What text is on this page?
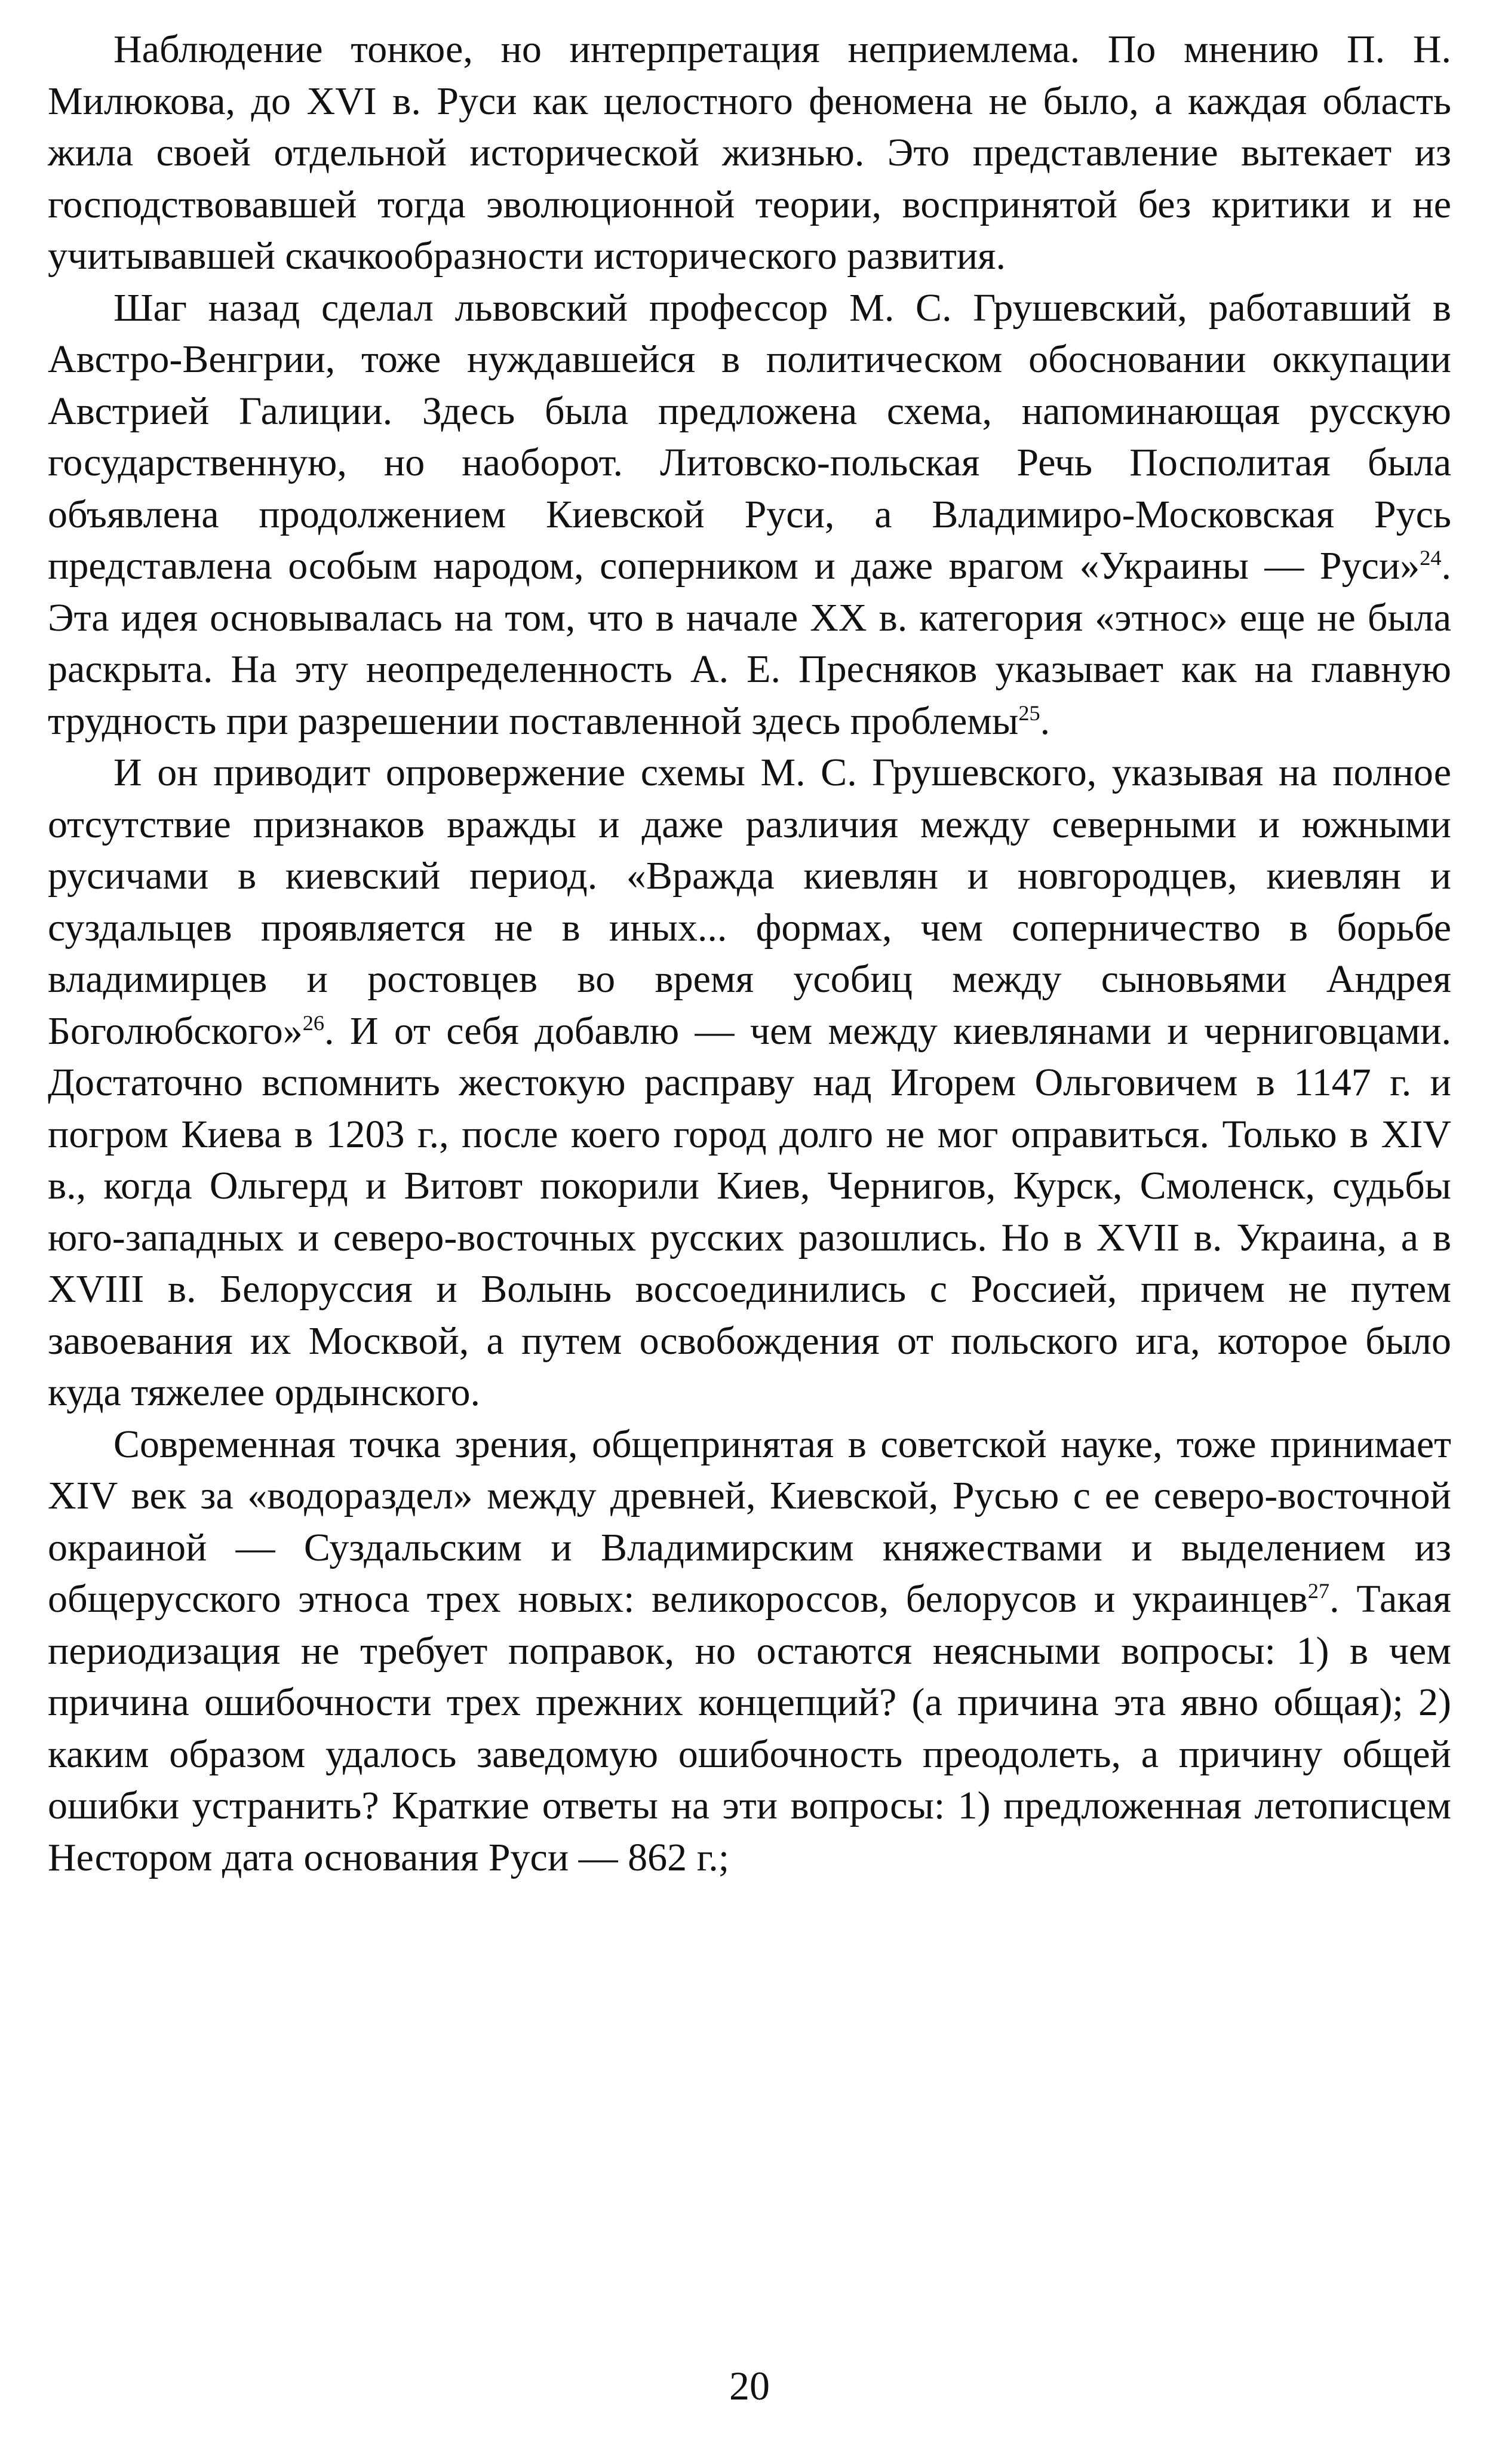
Наблюдение тонкое, но интерпретация неприемлема. По мнению П. Н. Милюкова, до XVI в. Руси как целостного феномена не было, а каждая область жила своей отдельной исторической жизнью. Это представление вытекает из господствовавшей тогда эволюционной теории, воспринятой без критики и не учитывавшей скачкообразности исторического развития.

Шаг назад сделал львовский профессор М. С. Грушевский, работавший в Австро-Венгрии, тоже нуждавшейся в политическом обосновании оккупации Австрией Галиции. Здесь была предложена схема, напоминающая русскую государственную, но наоборот. Литовско-польская Речь Посполитая была объявлена продолжением Киевской Руси, а Владимиро-Московская Русь представлена особым народом, соперником и даже врагом «Украины — Руси»$^{24}$. Эта идея основывалась на том, что в начале XX в. категория «этнос» еще не была раскрыта. На эту неопределенность А. Е. Пресняков указывает как на главную трудность при разрешении поставленной здесь проблемы$^{25}$.

И он приводит опровержение схемы М. С. Грушевского, указывая на полное отсутствие признаков вражды и даже различия между северными и южными русичами в киевский период. «Вражда киевлян и новгородцев, киевлян и суздальцев проявляется не в иных... формах, чем соперничество в борьбе владимирцев и ростовцев во время усобиц между сыновьями Андрея Боголюбского»$^{26}$. И от себя добавлю — чем между киевлянами и черниговцами. Достаточно вспомнить жестокую расправу над Игорем Ольговичем в 1147 г. и погром Киева в 1203 г., после коего город долго не мог оправиться. Только в XIV в., когда Ольгерд и Витовт покорили Киев, Чернигов, Курск, Смоленск, судьбы юго-западных и северо-восточных русских разошлись. Но в XVII в. Украина, а в XVIII в. Белоруссия и Волынь воссоединились с Россией, причем не путем завоевания их Москвой, а путем освобождения от польского ига, которое было куда тяжелее ордынского.

Современная точка зрения, общепринятая в советской науке, тоже принимает XIV век за «водораздел» между древней, Киевской, Русью с ее северо-восточной окраиной — Суздальским и Владимирским княжествами и выделением из общерусского этноса трех новых: великороссов, белорусов и украинцев$^{27}$. Такая периодизация не требует поправок, но остаются неясными вопросы: 1) в чем причина ошибочности трех прежних концепций? (а причина эта явно общая); 2) каким образом удалось заведомую ошибочность преодолеть, а причину общей ошибки устранить? Краткие ответы на эти вопросы: 1) предложенная летописцем Нестором дата основания Руси — 862 г.;

20
